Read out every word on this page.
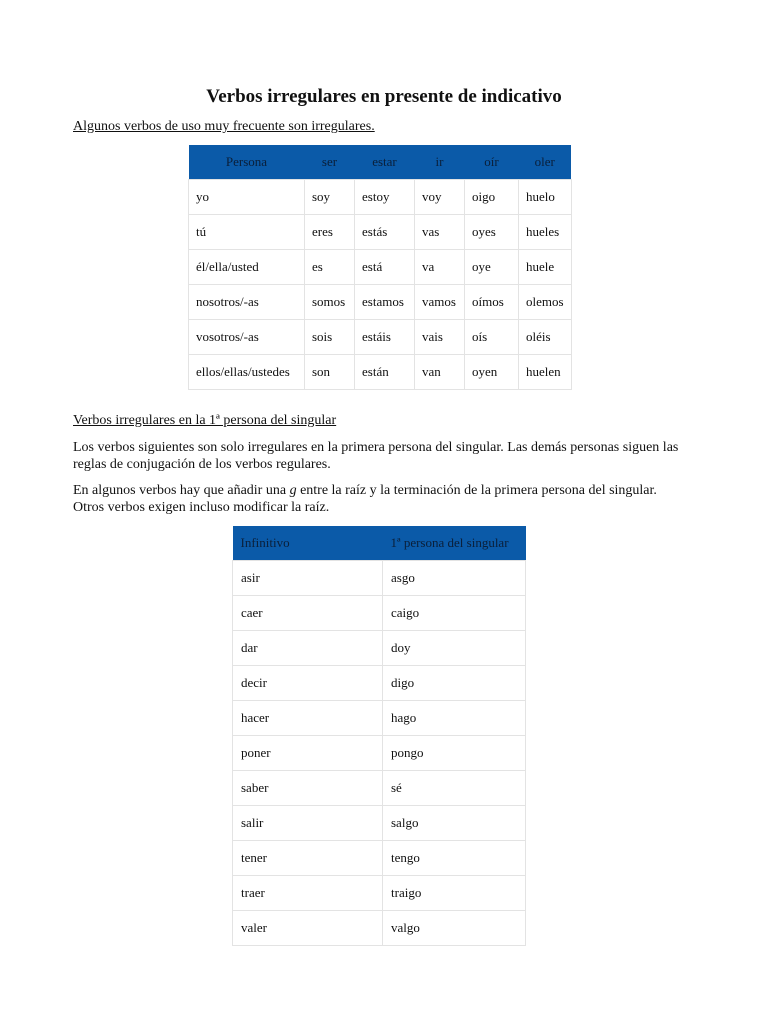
Verbos irregulares en presente de indicativo

Algunos verbos de uso muy frecuente son irregulares.

Persona	ser	estar	ir	oír	oler
yo	soy	estoy	voy	oigo	huelo
tú	eres	estás	vas	oyes	hueles
él/ella/usted	es	está	va	oye	huele
nosotros/-as	somos	estamos	vamos	oímos	olemos
vosotros/-as	sois	estáis	vais	oís	oléis
ellos/ellas/ustedes	son	están	van	oyen	huelen

Verbos irregulares en la 1ª persona del singular

Los verbos siguientes son solo irregulares en la primera persona del singular. Las demás personas siguen las
reglas de conjugación de los verbos regulares.

En algunos verbos hay que añadir una g entre la raíz y la terminación de la primera persona del singular.
Otros verbos exigen incluso modificar la raíz.

Infinitivo	1ª persona del singular
asir	asgo
caer	caigo
dar	doy
decir	digo
hacer	hago
poner	pongo
saber	sé
salir	salgo
tener	tengo
traer	traigo
valer	valgo
